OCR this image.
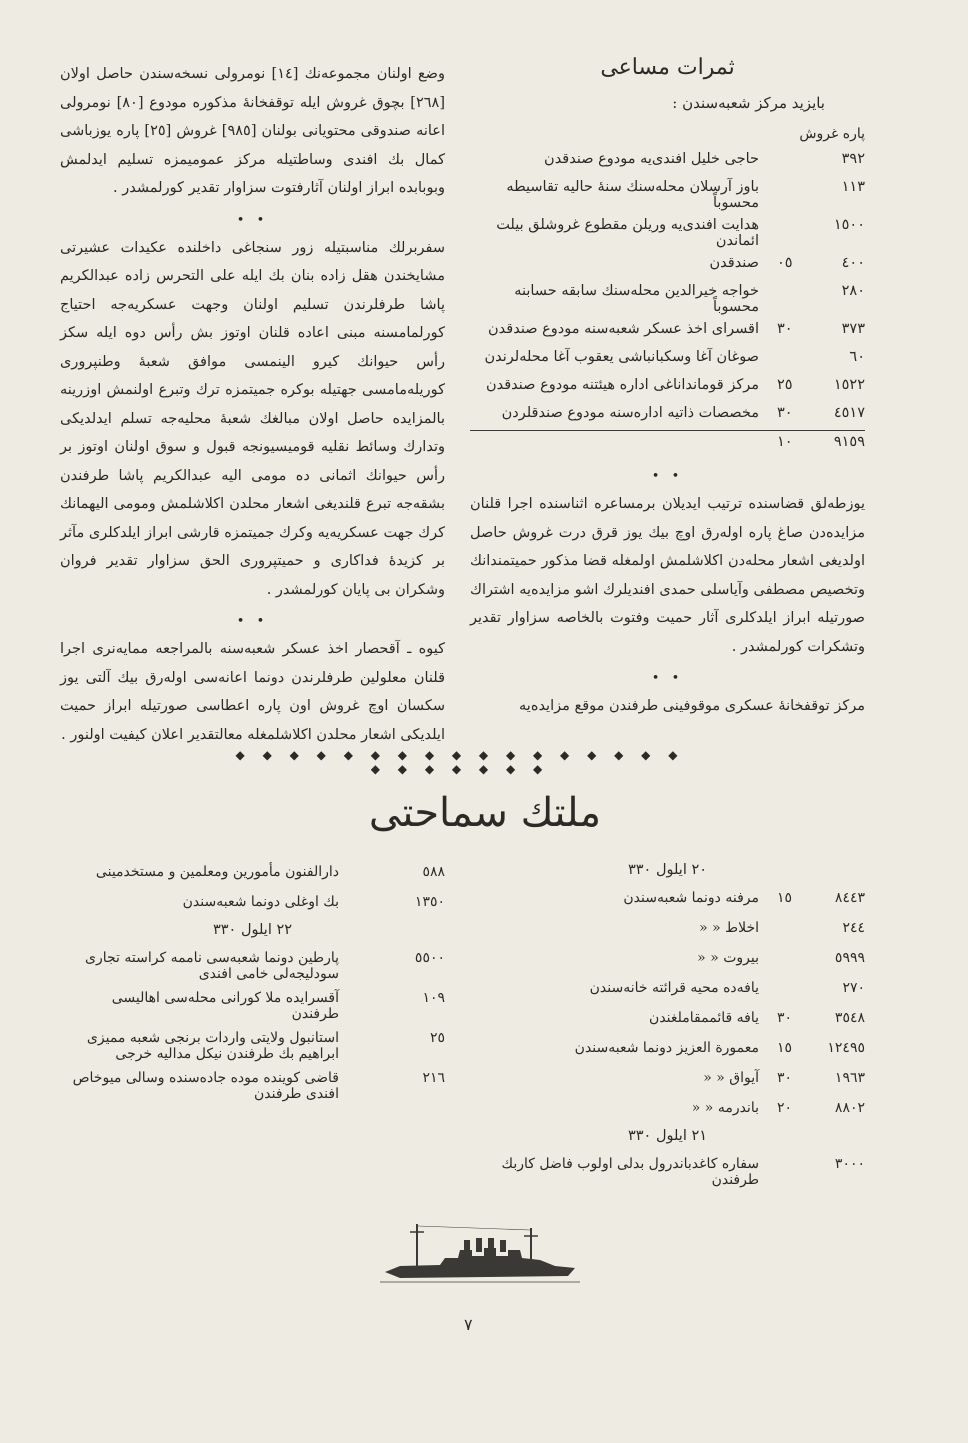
ثمرات مساعی
بايزيد مركز شعبه‌سندن :
پاره غروش
٣٩٢		حاجی خليل افندی‌يه مودوع صندقدن
١١٣		باوز آرسلان محله‌سنك سنه‌ٔ حاليه تقاسيطه محسوباً
١٥٠٠		هدايت افندی‌يه وريلن مقطوع غروشلق بيلت ائماندن
٤٠٠	٠٥	صندقدن
٢٨٠		خواجه خيرالدين محله‌سنك سابقه حسابنه محسوباً
٣٧٣	٣٠	اقسرای اخذ عسكر شعبه‌سنه مودوع صندقدن
٦٠		صوغان آغا وسكبانباشی يعقوب آغا محله‌لرندن
١٥٢٢	٢٥	مركز قومانداناغی اداره هيئتنه مودوع صندقدن
٤٥١٧	٣٠	مخصصات ذاتيه اداره‌سنه مودوع صندقلردن
٩١٥٩	١٠	
• •

يوزطه‌لق قضاسنده ترتيب ايديلان برمساعره اثناسنده اجرا قلنان مزايده‌دن صاغ پاره اوله‌رق اوچ بيك يوز قرق درت غروش حاصل اولديغی اشعار محله‌دن اكلاشلمش اولمغله قضا مذكور حميتمندانك وتخصيص مصطفی وآياسلی حمدی افنديلرك اشو مزايده‌يه اشتراك صورتيله ابراز ايلدكلری آثار حميت وفتوت بالخاصه سزاوار تقدير وتشكرات كورلمشدر .

• •

مركز توقفخانهٔ عسكری موقوفينی طرفندن موقع مزايده‌يه

وضع اولنان مجموعه‌نك [١٤] نومرولی نسخه‌سندن حاصل اولان [٢٦٨] بچوق غروش ايله توقفخانهٔ مذكوره مودوع [٨٠] نومرولی اعانه صندوقی محتويانی بولنان [٩٨٥] غروش [٢٥] پاره يوزباشی كمال بك افندی وساطتيله مركز عموميمزه تسليم ايدلمش وبوبابده ابراز اولنان آثارفتوت سزاوار تقدير كورلمشدر .

• •

سفربرلك مناسبتيله زور سنجاغی داخلنده عكيدات عشيرتی مشايخندن هقل زاده بنان بك ايله علی التحرس زاده عبدالكريم پاشا طرفلرندن تسليم اولنان وجهت عسكريه‌جه احتياج كورلمامسنه مبنی اعاده قلنان اوتوز بش رأس دوه ايله سكز رأس حيوانك كيرو الينمسی موافق شعبهٔ وطنپروری كوريله‌مامسی جهتيله بوكره جميتمزه ترك وتبرع اولنمش اوزرينه بالمزايده حاصل اولان مبالغك شعبهٔ محليه‌جه تسلم ايدلديكی وتدارك وسائط نقليه قوميسيونجه قبول و سوق اولنان اوتوز بر رأس حيوانك اثمانی ده مومی اليه عبدالكريم پاشا طرفندن بشقه‌جه تبرع قلنديغی اشعار محلدن اكلاشلمش ومومی اليهمانك كرك جهت عسكريه‌يه وكرك جميتمزه قارشی ابراز ايلدكلری مآثر بر كزيدهٔ فداكاری و حميتپروری الحق سزاوار تقدير فروان وشكران بی پايان كورلمشدر .

• •

كيوه ـ آقحصار اخذ عسكر شعبه‌سنه بالمراجعه ممايه‌نری اجرا قلنان معلولين طرفلرندن دونما اعانه‌سی اوله‌رق بيك آلتی يوز سكسان اوچ غروش اون پاره اعطاسی صورتيله ابراز حميت ايلديكی اشعار محلدن اكلاشلمغله معالتقدير اعلان كيفيت اولنور .

◆ ◆ ◆ ◆ ◆ ◆ ◆ ◆ ◆ ◆ ◆ ◆ ◆ ◆ ◆ ◆ ◆ ◆ ◆ ◆ ◆ ◆ ◆ ◆
ملتك سماحتی
٢٠ ايلول ٣٣٠
٨٤٤٣	١٥	مرفنه دونما شعبه‌سندن
٢٤٤		اخلاط « «
٥٩٩٩		بيروت « «
٢٧٠		يافه‌ده محيه قرائته خانه‌سندن
٣٥٤٨	٣٠	يافه قائممقاملغندن
١٢٤٩٥	١٥	معمورة العزيز دونما شعبه‌سندن
١٩٦٣	٣٠	آيواق « «
٨٨٠٢	٢٠	باندرمه « «
٢١ ايلول ٣٣٠
٣٠٠٠		سفاره كاغدباندرول بدلی اولوب فاضل كاربك طرفندن
٥٨٨		دارالفنون مأمورين ومعلمين و مستخدمينی
١٣٥٠		بك اوغلی دونما شعبه‌سندن
٢٢ ايلول ٣٣٠
٥٥٠٠		پارطين دونما شعبه‌سی ناممه كراسته تجاری سودليجه‌لی خامی افندی
١٠٩		آقسرايده ملا كورانی محله‌سی اهاليسی طرفندن
٢٥		استانبول ولايتی واردات برنجی شعبه مميزی ابراهيم بك طرفندن نيكل مداليه خرجی
٢١٦		قاضی كوينده موده جاده‌سنده وسالی ميوخاص افندی طرفندن
٧
